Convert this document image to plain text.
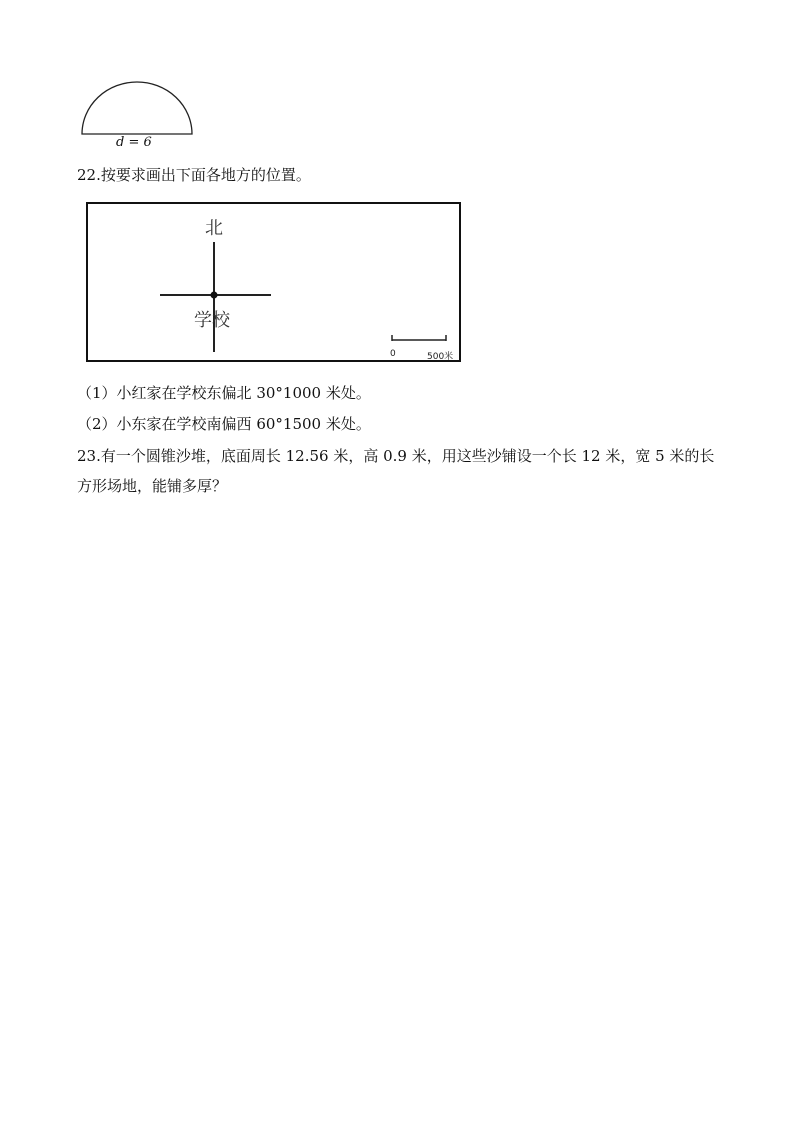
d = 6
22.按要求画出下面各地方的位置。
北
学校
0	500米
（1）小红家在学校东偏北 30°1000 米处。
（2）小东家在学校南偏西 60°1500 米处。
23.有一个圆锥沙堆，底面周长 12.56 米，高 0.9 米，用这些沙铺设一个长 12 米，宽 5 米的长
方形场地，能铺多厚？
